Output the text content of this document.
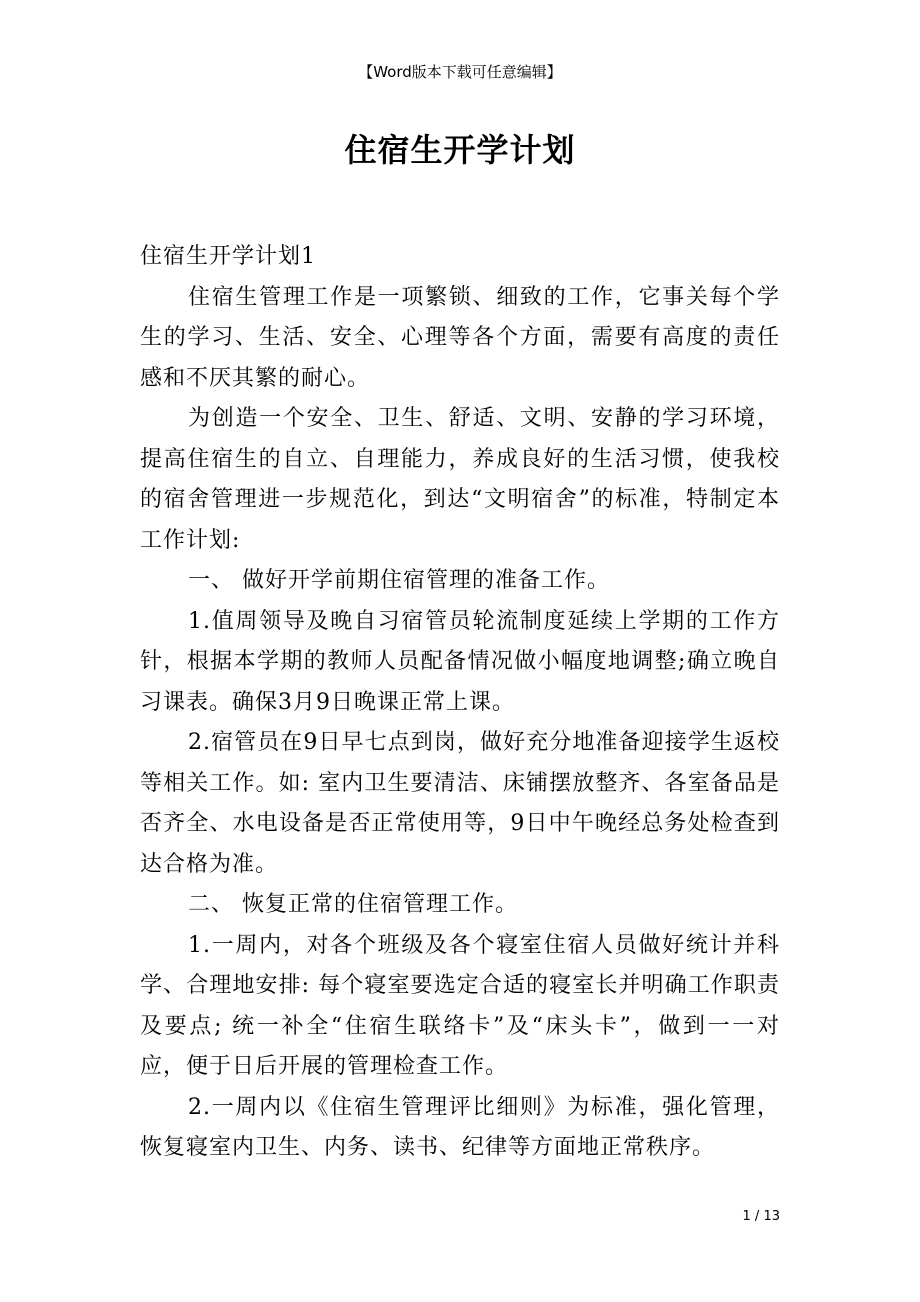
【Word版本下载可任意编辑】
住宿生开学计划

住宿生开学计划1

住宿生管理工作是一项繁锁、细致的工作，它事关每个学生的学习、生活、安全、心理等各个方面，需要有高度的责任感和不厌其繁的耐心。

为创造一个安全、卫生、舒适、文明、安静的学习环境，提高住宿生的自立、自理能力，养成良好的生活习惯，使我校的宿舍管理进一步规范化，到达“文明宿舍”的标准，特制定本工作计划:

一、 做好开学前期住宿管理的准备工作。

1.值周领导及晚自习宿管员轮流制度延续上学期的工作方针，根据本学期的教师人员配备情况做小幅度地调整;确立晚自习课表。确保3月9日晚课正常上课。

2.宿管员在9日早七点到岗，做好充分地准备迎接学生返校等相关工作。如: 室内卫生要清洁、床铺摆放整齐、各室备品是否齐全、水电设备是否正常使用等，9日中午晚经总务处检查到达合格为准。

二、 恢复正常的住宿管理工作。

1.一周内，对各个班级及各个寝室住宿人员做好统计并科学、合理地安排: 每个寝室要选定合适的寝室长并明确工作职责及要点; 统一补全“住宿生联络卡”及“床头卡”，做到一一对应，便于日后开展的管理检查工作。

2.一周内以《住宿生管理评比细则》为标准，强化管理，恢复寝室内卫生、内务、读书、纪律等方面地正常秩序。

1 / 13
